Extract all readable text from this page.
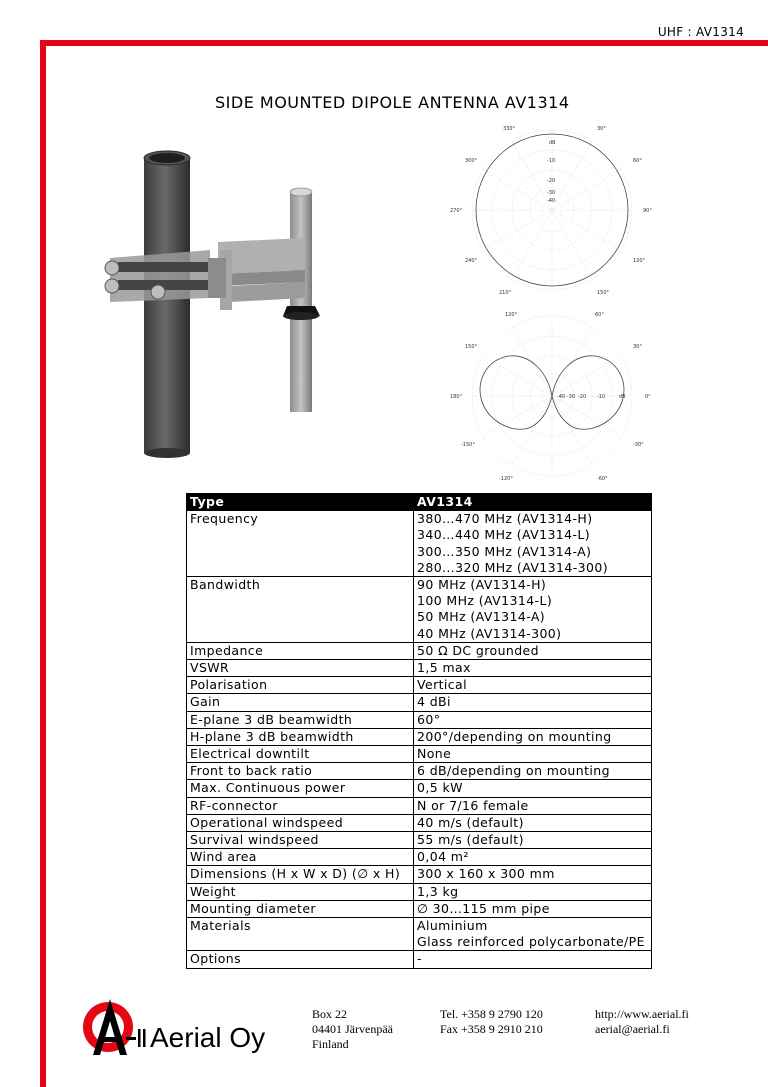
UHF : AV1314
SIDE MOUNTED DIPOLE ANTENNA AV1314
330°	30°
300°	60°
270°	90°
240°	120°
210°	150°
dB
-10
-20
-30
-40
120°	60°
150°	30°
180°	0°
-150°	-30°
-120°	-60°
-40 -30 -20 -10	dB
Type	AV1314
Frequency	380…470 MHz (AV1314-H)
340…440 MHz (AV1314-L)
300…350 MHz (AV1314-A)
280...320 MHz (AV1314-300)

Bandwidth	90 MHz (AV1314-H)
100 MHz (AV1314-L)
50 MHz (AV1314-A)
40 MHz (AV1314-300)

Impedance	50 Ω DC grounded

VSWR	1,5 max

Polarisation	Vertical

Gain	4 dBi

E-plane 3 dB beamwidth	60°

H-plane 3 dB beamwidth	200°/depending on mounting

Electrical downtilt	None

Front to back ratio	6 dB/depending on mounting

Max. Continuous power	0,5 kW

RF-connector	N or 7/16 female

Operational windspeed	40 m/s (default)

Survival windspeed	55 m/s (default)

Wind area	0,04 m²

Dimensions (H x W x D) (∅ x H)	300 x 160 x 300 mm

Weight	1,3 kg

Mounting diameter	∅ 30…115 mm pipe

Materials	Aluminium
Glass reinforced polycarbonate/PE

Options	-
Aerial Oy
Box 22
04401 Järvenpää
Finland
Tel. +358 9 2790 120
Fax +358 9 2910 210
http://www.aerial.fi
aerial@aerial.fi
